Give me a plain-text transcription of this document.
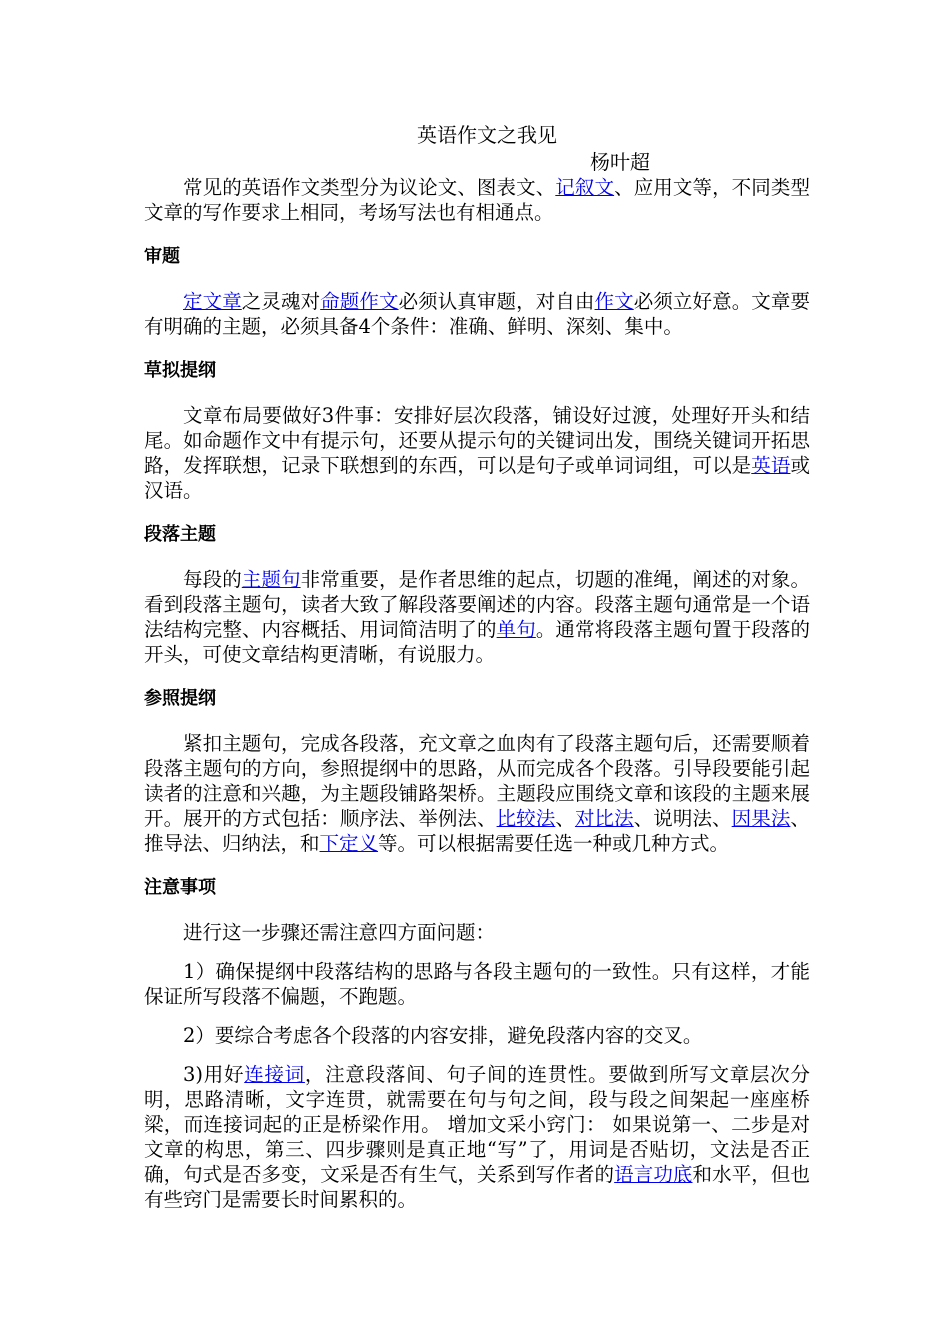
英语作文之我见
杨叶超

常见的英语作文类型分为议论文、图表文、记叙文、应用文等，不同类型文章的写作要求上相同，考场写法也有相通点。

审题

定文章之灵魂对命题作文必须认真审题，对自由作文必须立好意。文章要有明确的主题，必须具备4个条件：准确、鲜明、深刻、集中。

草拟提纲

文章布局要做好3件事：安排好层次段落，铺设好过渡，处理好开头和结尾。如命题作文中有提示句，还要从提示句的关键词出发，围绕关键词开拓思路，发挥联想，记录下联想到的东西，可以是句子或单词词组，可以是英语或汉语。

段落主题

每段的主题句非常重要，是作者思维的起点，切题的准绳，阐述的对象。看到段落主题句，读者大致了解段落要阐述的内容。段落主题句通常是一个语法结构完整、内容概括、用词简洁明了的单句。通常将段落主题句置于段落的开头，可使文章结构更清晰，有说服力。

参照提纲

紧扣主题句，完成各段落，充文章之血肉有了段落主题句后，还需要顺着段落主题句的方向，参照提纲中的思路，从而完成各个段落。引导段要能引起读者的注意和兴趣，为主题段铺路架桥。主题段应围绕文章和该段的主题来展开。展开的方式包括：顺序法、举例法、比较法、对比法、说明法、因果法、推导法、归纳法，和下定义等。可以根据需要任选一种或几种方式。

注意事项

进行这一步骤还需注意四方面问题：

1）确保提纲中段落结构的思路与各段主题句的一致性。只有这样，才能保证所写段落不偏题，不跑题。

2）要综合考虑各个段落的内容安排，避免段落内容的交叉。

3)用好连接词，注意段落间、句子间的连贯性。要做到所写文章层次分明，思路清晰，文字连贯，就需要在句与句之间，段与段之间架起一座座桥梁，而连接词起的正是桥梁作用。 增加文采小窍门： 如果说第一、二步是对文章的构思，第三、四步骤则是真正地“写”了，用词是否贴切，文法是否正确，句式是否多变，文采是否有生气，关系到写作者的语言功底和水平，但也有些窍门是需要长时间累积的。
